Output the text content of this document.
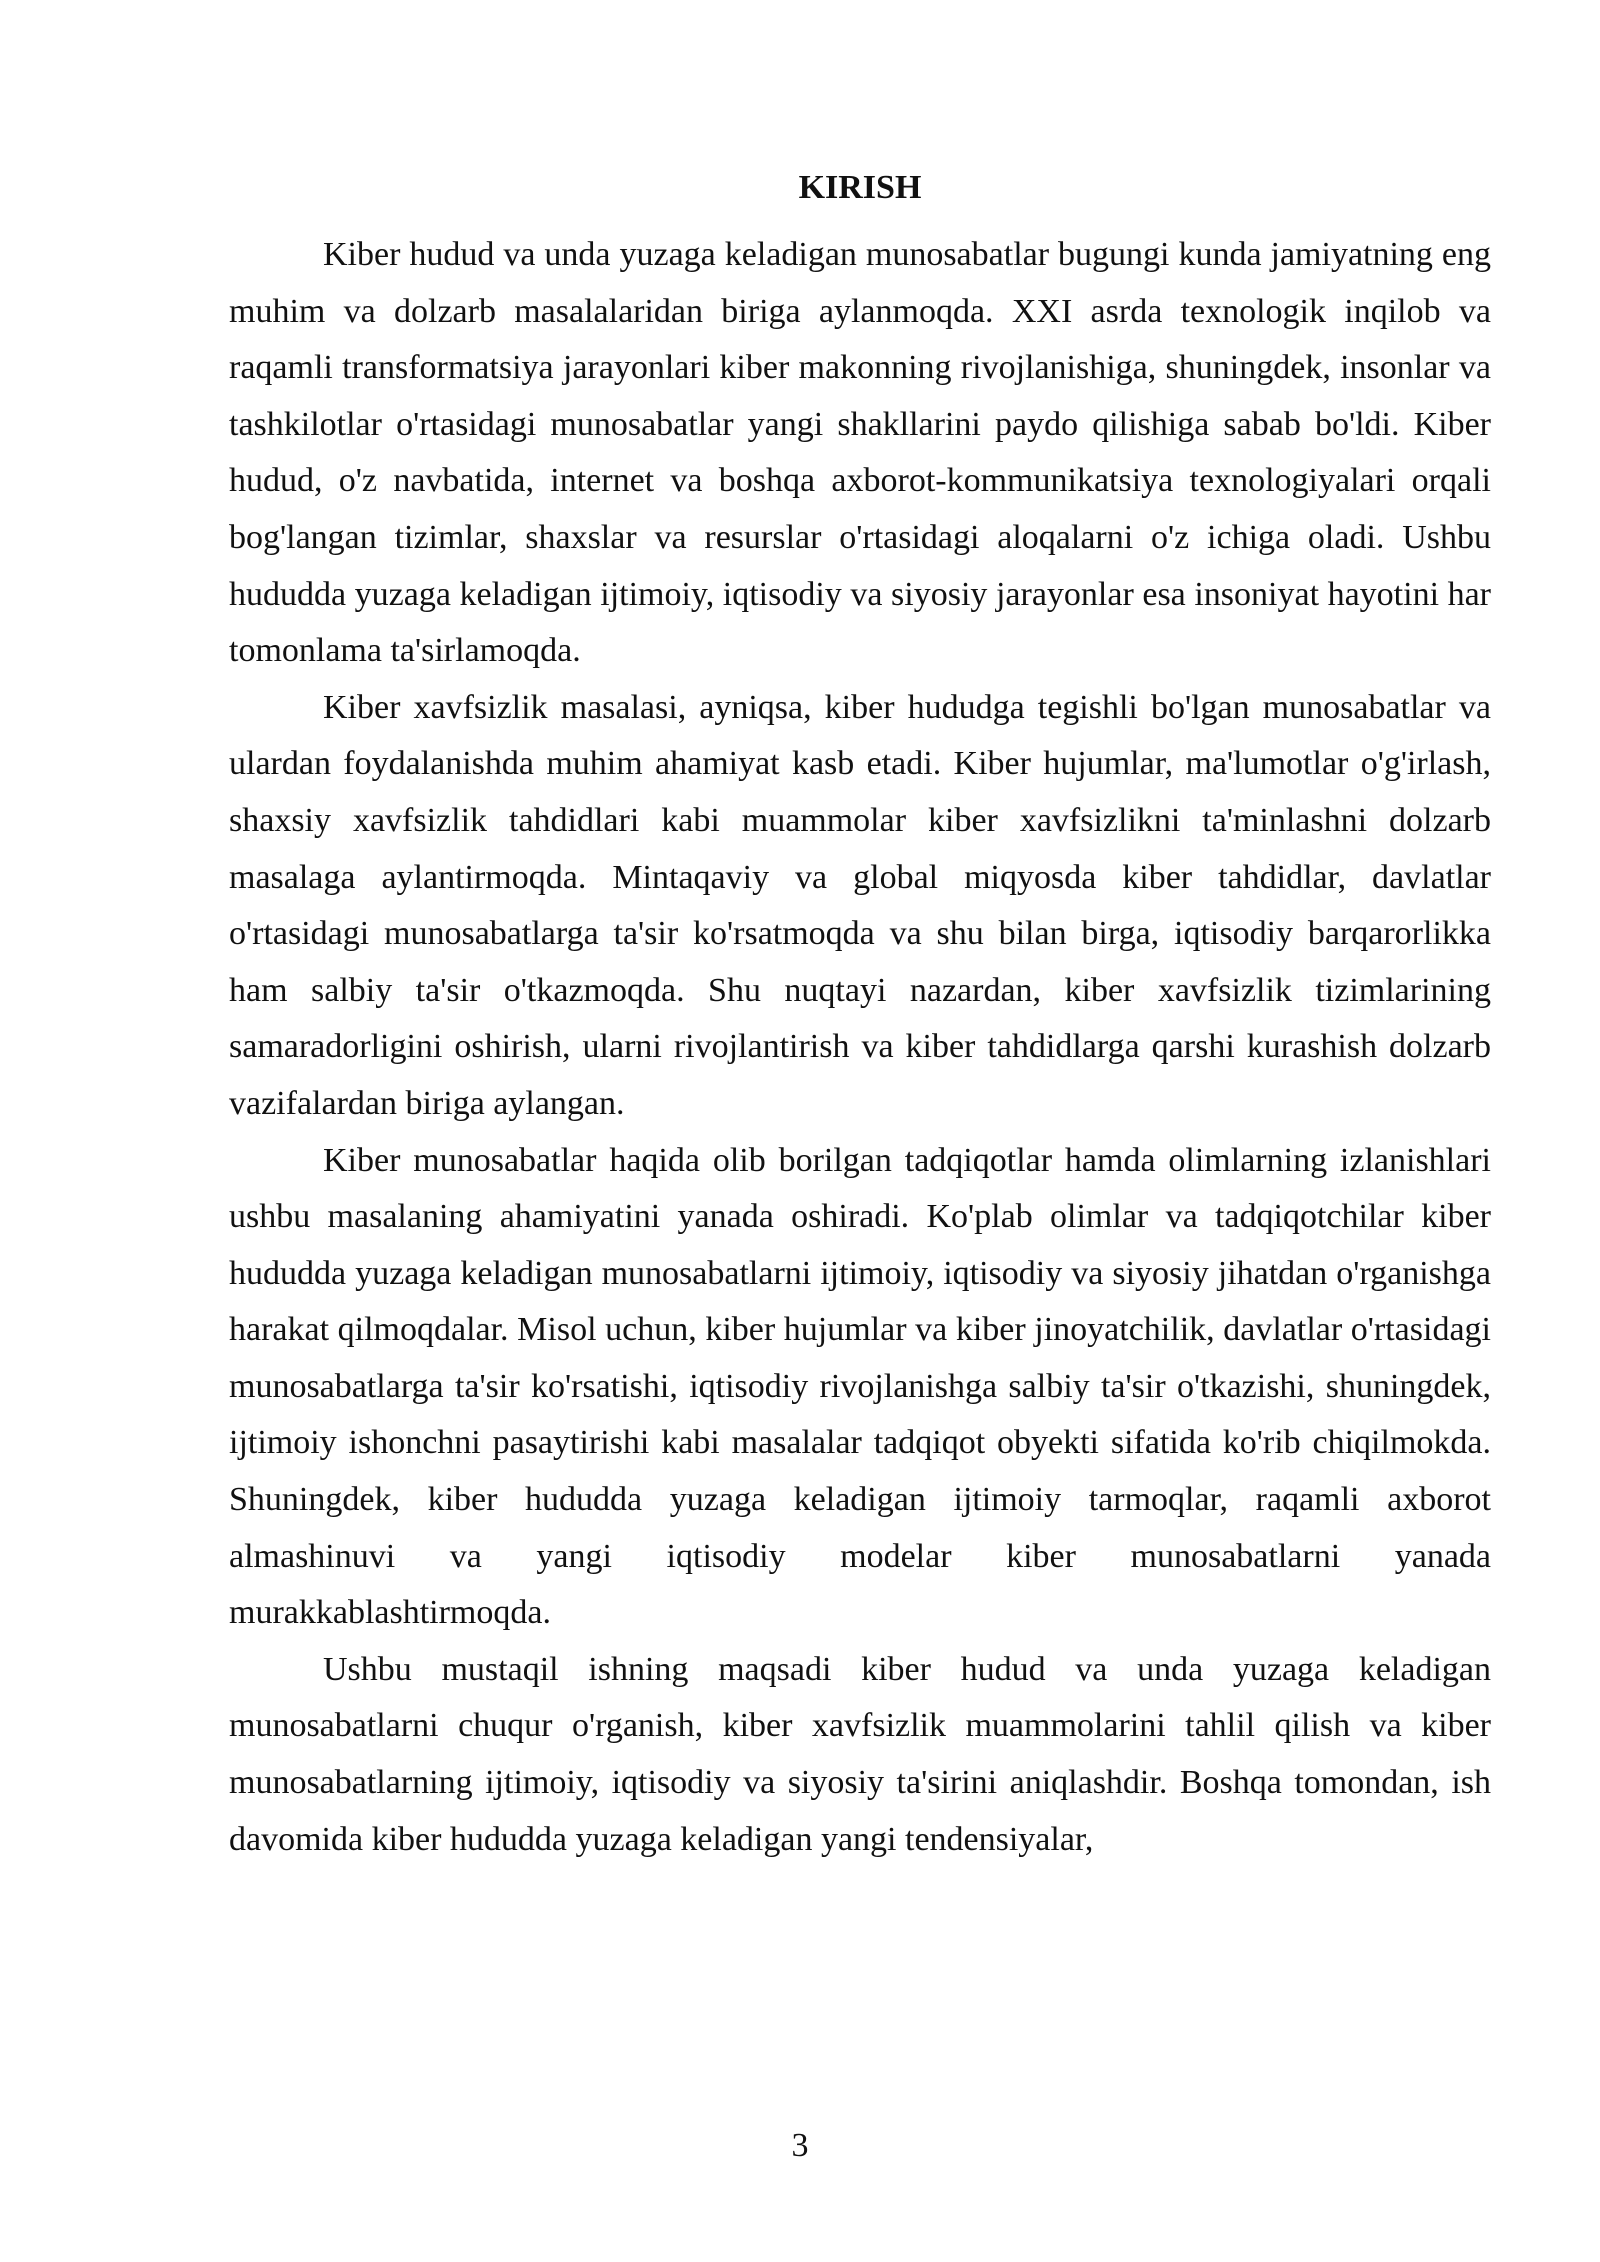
KIRISH

Kiber hudud va unda yuzaga keladigan munosabatlar bugungi kunda jamiyatning eng muhim va dolzarb masalalaridan biriga aylanmoqda. XXI asrda texnologik inqilob va raqamli transformatsiya jarayonlari kiber makonning rivojlanishiga, shuningdek, insonlar va tashkilotlar o'rtasidagi munosabatlar yangi shakllarini paydo qilishiga sabab bo'ldi. Kiber hudud, o'z navbatida, internet va boshqa axborot-kommunikatsiya texnologiyalari orqali bog'langan tizimlar, shaxslar va resurslar o'rtasidagi aloqalarni o'z ichiga oladi. Ushbu hududda yuzaga keladigan ijtimoiy, iqtisodiy va siyosiy jarayonlar esa insoniyat hayotini har tomonlama ta'sirlamoqda.

Kiber xavfsizlik masalasi, ayniqsa, kiber hududga tegishli bo'lgan munosabatlar va ulardan foydalanishda muhim ahamiyat kasb etadi. Kiber hujumlar, ma'lumotlar o'g'irlash, shaxsiy xavfsizlik tahdidlari kabi muammolar kiber xavfsizlikni ta'minlashni dolzarb masalaga aylantirmoqda. Mintaqaviy va global miqyosda kiber tahdidlar, davlatlar o'rtasidagi munosabatlarga ta'sir ko'rsatmoqda va shu bilan birga, iqtisodiy barqarorlikka ham salbiy ta'sir o'tkazmoqda. Shu nuqtayi nazardan, kiber xavfsizlik tizimlarining samaradorligini oshirish, ularni rivojlantirish va kiber tahdidlarga qarshi kurashish dolzarb vazifalardan biriga aylangan.

Kiber munosabatlar haqida olib borilgan tadqiqotlar hamda olimlarning izlanishlari ushbu masalaning ahamiyatini yanada oshiradi. Ko'plab olimlar va tadqiqotchilar kiber hududda yuzaga keladigan munosabatlarni ijtimoiy, iqtisodiy va siyosiy jihatdan o'rganishga harakat qilmoqdalar. Misol uchun, kiber hujumlar va kiber jinoyatchilik, davlatlar o'rtasidagi munosabatlarga ta'sir ko'rsatishi, iqtisodiy rivojlanishga salbiy ta'sir o'tkazishi, shuningdek, ijtimoiy ishonchni pasaytirishi kabi masalalar tadqiqot obyekti sifatida ko'rib chiqilmokda. Shuningdek, kiber hududda yuzaga keladigan ijtimoiy tarmoqlar, raqamli axborot almashinuvi va yangi iqtisodiy modelar kiber munosabatlarni yanada murakkablashtirmoqda.

Ushbu mustaqil ishning maqsadi kiber hudud va unda yuzaga keladigan munosabatlarni chuqur o'rganish, kiber xavfsizlik muammolarini tahlil qilish va kiber munosabatlarning ijtimoiy, iqtisodiy va siyosiy ta'sirini aniqlashdir. Boshqa tomondan, ish davomida kiber hududda yuzaga keladigan yangi tendensiyalar,

3
